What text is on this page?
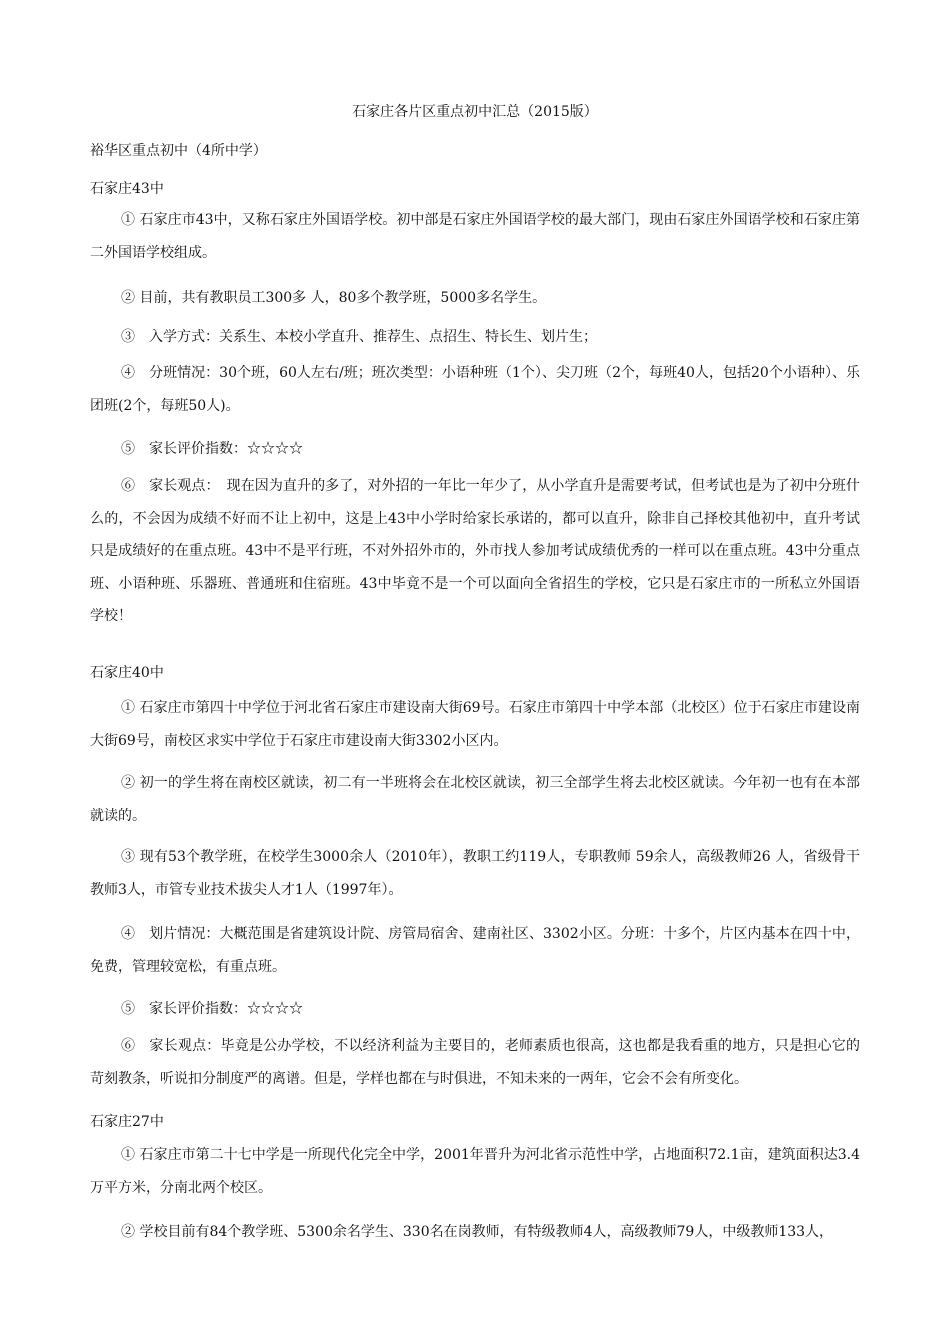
石家庄各片区重点初中汇总（2015版）
裕华区重点初中（4所中学）
石家庄43中
① 石家庄市43中，又称石家庄外国语学校。初中部是石家庄外国语学校的最大部门，现由石家庄外国语学校和石家庄第二外国语学校组成。
② 目前，共有教职员工300多 人，80多个教学班，5000多名学生。
③　入学方式：关系生、本校小学直升、推荐生、点招生、特长生、划片生；
④　分班情况：30个班，60人左右/班；班次类型：小语种班（1个）、尖刀班（2个，每班40人，包括20个小语种）、乐团班(2个，每班50人)。
⑤　家长评价指数：☆☆☆☆
⑥　家长观点：　现在因为直升的多了，对外招的一年比一年少了，从小学直升是需要考试，但考试也是为了初中分班什么的，不会因为成绩不好而不让上初中，这是上43中小学时给家长承诺的，都可以直升，除非自己择校其他初中，直升考试只是成绩好的在重点班。43中不是平行班，不对外招外市的，外市找人参加考试成绩优秀的一样可以在重点班。43中分重点班、小语种班、乐器班、普通班和住宿班。43中毕竟不是一个可以面向全省招生的学校，它只是石家庄市的一所私立外国语学校！
石家庄40中
① 石家庄市第四十中学位于河北省石家庄市建设南大街69号。石家庄市第四十中学本部（北校区）位于石家庄市建设南大街69号，南校区求实中学位于石家庄市建设南大街3302小区内。
② 初一的学生将在南校区就读，初二有一半班将会在北校区就读，初三全部学生将去北校区就读。今年初一也有在本部就读的。
③ 现有53个教学班，在校学生3000余人（2010年），教职工约119人，专职教师 59余人，高级教师26 人，省级骨干教师3人，市管专业技术拔尖人才1人（1997年）。
④　划片情况：大概范围是省建筑设计院、房管局宿舍、建南社区、3302小区。分班：十多个，片区内基本在四十中，免费，管理较宽松，有重点班。
⑤　家长评价指数：☆☆☆☆
⑥　家长观点：毕竟是公办学校，不以经济利益为主要目的，老师素质也很高，这也都是我看重的地方，只是担心它的苛刻教条，听说扣分制度严的离谱。但是，学样也都在与时俱进，不知未来的一两年，它会不会有所变化。
石家庄27中
① 石家庄市第二十七中学是一所现代化完全中学，2001年晋升为河北省示范性中学，占地面积72.1亩，建筑面积达3.4万平方米，分南北两个校区。
② 学校目前有84个教学班、5300余名学生、330名在岗教师，有特级教师4人，高级教师79人，中级教师133人，
